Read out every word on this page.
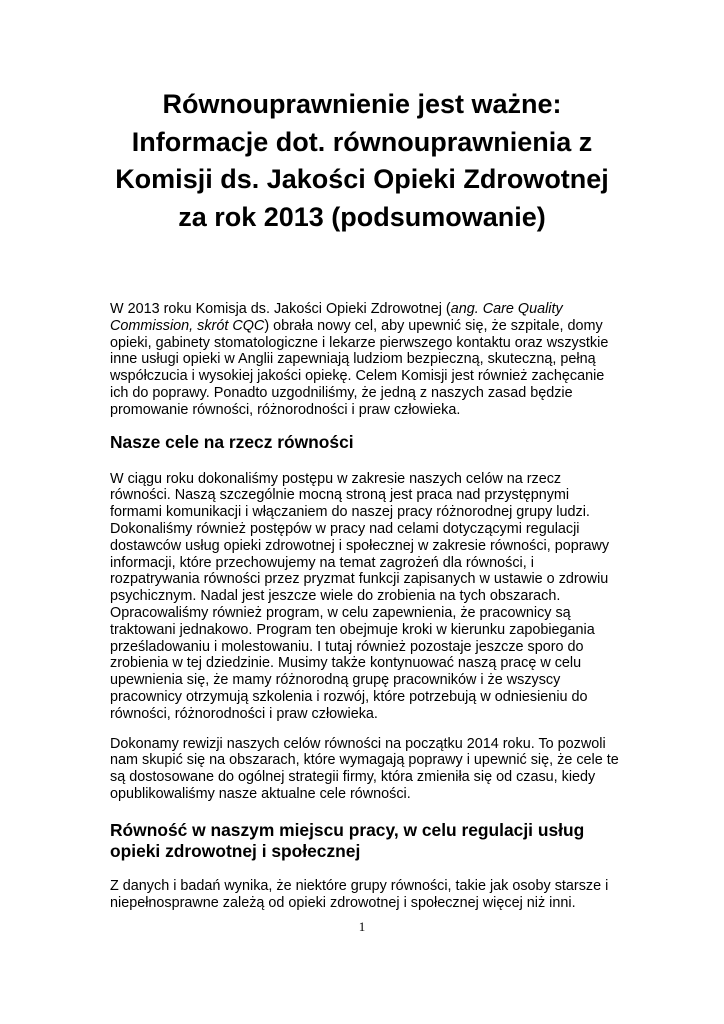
Równouprawnienie jest ważne: Informacje dot. równouprawnienia z Komisji ds. Jakości Opieki Zdrowotnej za rok 2013 (podsumowanie)

W 2013 roku Komisja ds. Jakości Opieki Zdrowotnej (ang. Care Quality Commission, skrót CQC) obrała nowy cel, aby upewnić się, że szpitale, domy opieki, gabinety stomatologiczne i lekarze pierwszego kontaktu oraz wszystkie inne usługi opieki w Anglii zapewniają ludziom bezpieczną, skuteczną, pełną współczucia i wysokiej jakości opiekę. Celem Komisji jest również zachęcanie ich do poprawy. Ponadto uzgodniliśmy, że jedną z naszych zasad będzie promowanie równości, różnorodności i praw człowieka.

Nasze cele na rzecz równości

W ciągu roku dokonaliśmy postępu w zakresie naszych celów na rzecz równości. Naszą szczególnie mocną stroną jest praca nad przystępnymi formami komunikacji i włączaniem do naszej pracy różnorodnej grupy ludzi. Dokonaliśmy również postępów w pracy nad celami dotyczącymi regulacji dostawców usług opieki zdrowotnej i społecznej w zakresie równości, poprawy informacji, które przechowujemy na temat zagrożeń dla równości, i rozpatrywania równości przez pryzmat funkcji zapisanych w ustawie o zdrowiu psychicznym. Nadal jest jeszcze wiele do zrobienia na tych obszarach. Opracowaliśmy również program, w celu zapewnienia, że pracownicy są traktowani jednakowo. Program ten obejmuje kroki w kierunku zapobiegania prześladowaniu i molestowaniu. I tutaj również pozostaje jeszcze sporo do zrobienia w tej dziedzinie. Musimy także kontynuować naszą pracę w celu upewnienia się, że mamy różnorodną grupę pracowników i że wszyscy pracownicy otrzymują szkolenia i rozwój, które potrzebują w odniesieniu do równości, różnorodności i praw człowieka.

Dokonamy rewizji naszych celów równości na początku 2014 roku. To pozwoli nam skupić się na obszarach, które wymagają poprawy i upewnić się, że cele te są dostosowane do ogólnej strategii firmy, która zmieniła się od czasu, kiedy opublikowaliśmy nasze aktualne cele równości.

Równość w naszym miejscu pracy, w celu regulacji usług opieki zdrowotnej i społecznej

Z danych i badań wynika, że niektóre grupy równości, takie jak osoby starsze i niepełnosprawne zależą od opieki zdrowotnej i społecznej więcej niż inni.

1
